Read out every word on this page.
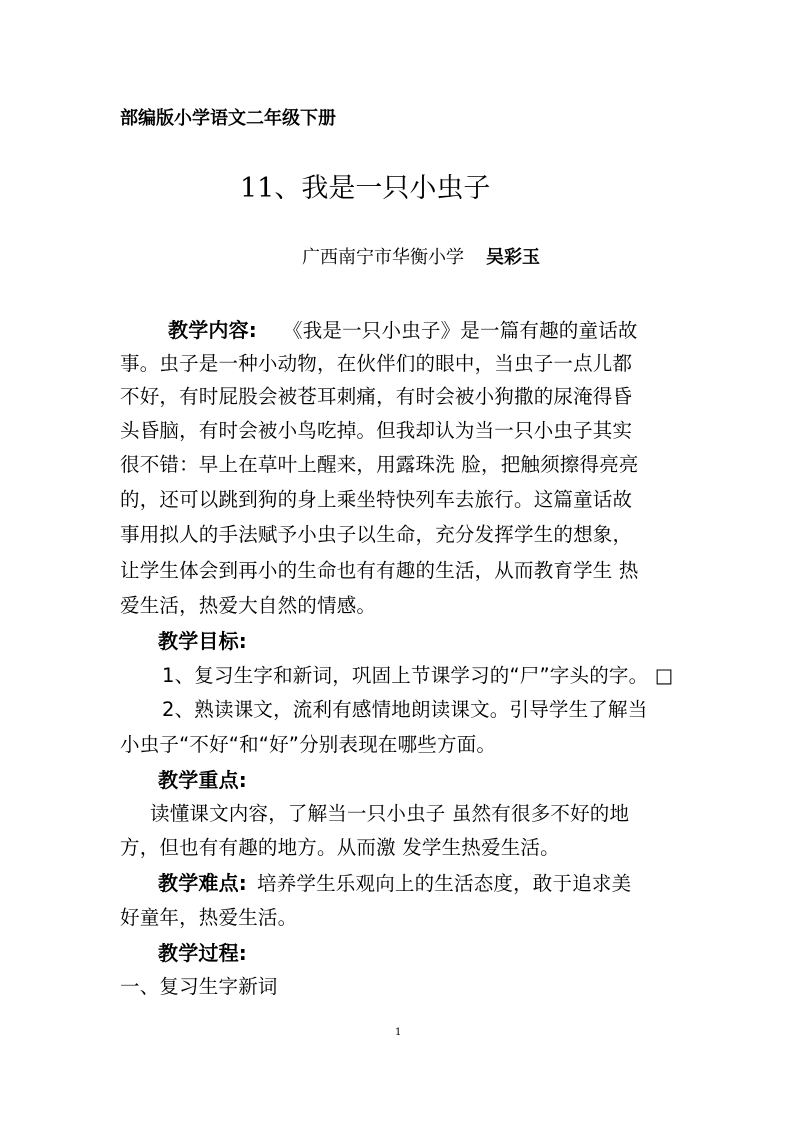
部编版小学语文二年级下册
11、我是一只小虫子
广西南宁市华衡小学 吴彩玉
教学内容: 《我是一只小虫子》是一篇有趣的童话故
事。虫子是一种小动物，在伙伴们的眼中，当虫子一点儿都
不好，有时屁股会被苍耳刺痛，有时会被小狗撒的尿淹得昏
头昏脑，有时会被小鸟吃掉。但我却认为当一只小虫子其实
很不错：早上在草叶上醒来，用露珠洗 脸，把触须擦得亮亮
的，还可以跳到狗的身上乘坐特快列车去旅行。这篇童话故
事用拟人的手法赋予小虫子以生命，充分发挥学生的想象，
让学生体会到再小的生命也有有趣的生活，从而教育学生 热
爱生活，热爱大自然的情感。
教学目标:
1、复习生字和新词，巩固上节课学习的“尸”字头的字。 □
2、熟读课文，流利有感情地朗读课文。引导学生了解当
小虫子“不好“和“好”分别表现在哪些方面。
教学重点:
读懂课文内容，了解当一只小虫子 虽然有很多不好的地
方，但也有有趣的地方。从而激 发学生热爱生活。
教学难点: 培养学生乐观向上的生活态度，敢于追求美
好童年，热爱生活。
教学过程:
一、复习生字新词
1
